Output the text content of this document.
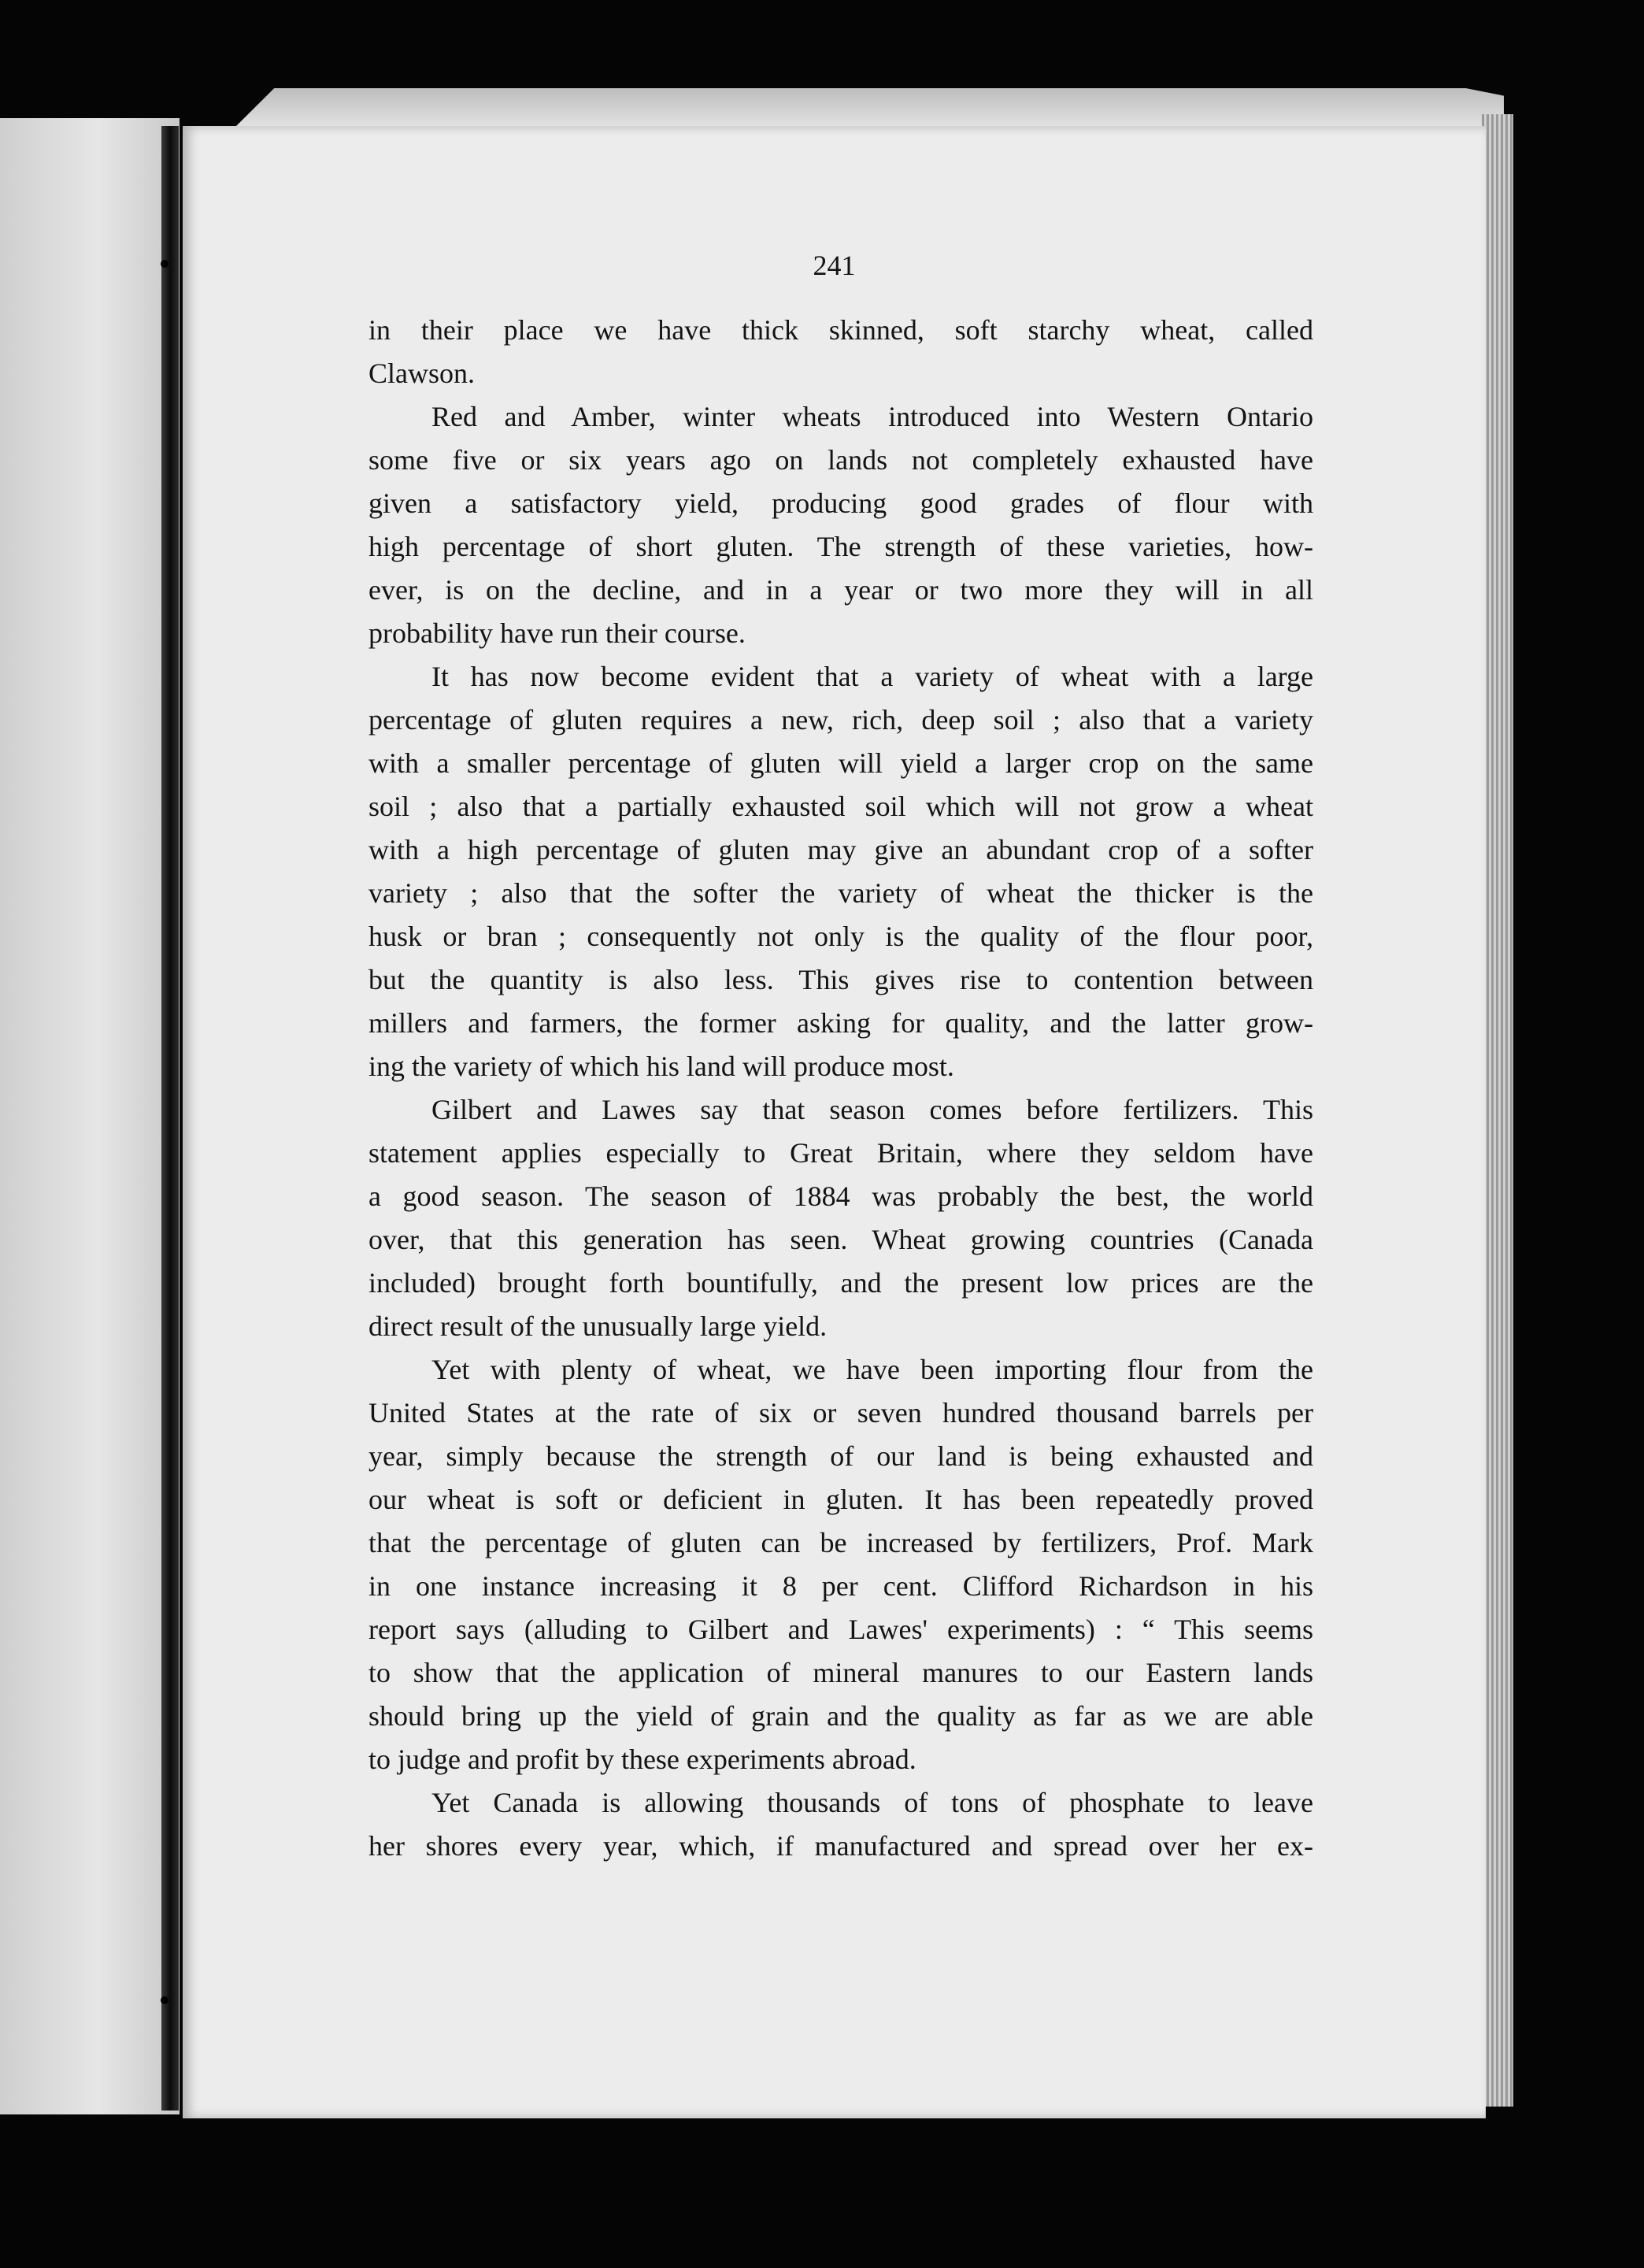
241
in their place we have thick skinned, soft starchy wheat, called
Clawson.
Red and Amber, winter wheats introduced into Western Ontario
some five or six years ago on lands not completely exhausted have
given a satisfactory yield, producing good grades of flour with
high percentage of short gluten. The strength of these varieties, how-
ever, is on the decline, and in a year or two more they will in all
probability have run their course.
It has now become evident that a variety of wheat with a large
percentage of gluten requires a new, rich, deep soil ; also that a variety
with a smaller percentage of gluten will yield a larger crop on the same
soil ; also that a partially exhausted soil which will not grow a wheat
with a high percentage of gluten may give an abundant crop of a softer
variety ; also that the softer the variety of wheat the thicker is the
husk or bran ; consequently not only is the quality of the flour poor,
but the quantity is also less. This gives rise to contention between
millers and farmers, the former asking for quality, and the latter grow-
ing the variety of which his land will produce most.
Gilbert and Lawes say that season comes before fertilizers. This
statement applies especially to Great Britain, where they seldom have
a good season. The season of 1884 was probably the best, the world
over, that this generation has seen. Wheat growing countries (Canada
included) brought forth bountifully, and the present low prices are the
direct result of the unusually large yield.
Yet with plenty of wheat, we have been importing flour from the
United States at the rate of six or seven hundred thousand barrels per
year, simply because the strength of our land is being exhausted and
our wheat is soft or deficient in gluten. It has been repeatedly proved
that the percentage of gluten can be increased by fertilizers, Prof. Mark
in one instance increasing it 8 per cent. Clifford Richardson in his
report says (alluding to Gilbert and Lawes' experiments) : “ This seems
to show that the application of mineral manures to our Eastern lands
should bring up the yield of grain and the quality as far as we are able
to judge and profit by these experiments abroad.
Yet Canada is allowing thousands of tons of phosphate to leave
her shores every year, which, if manufactured and spread over her ex-
